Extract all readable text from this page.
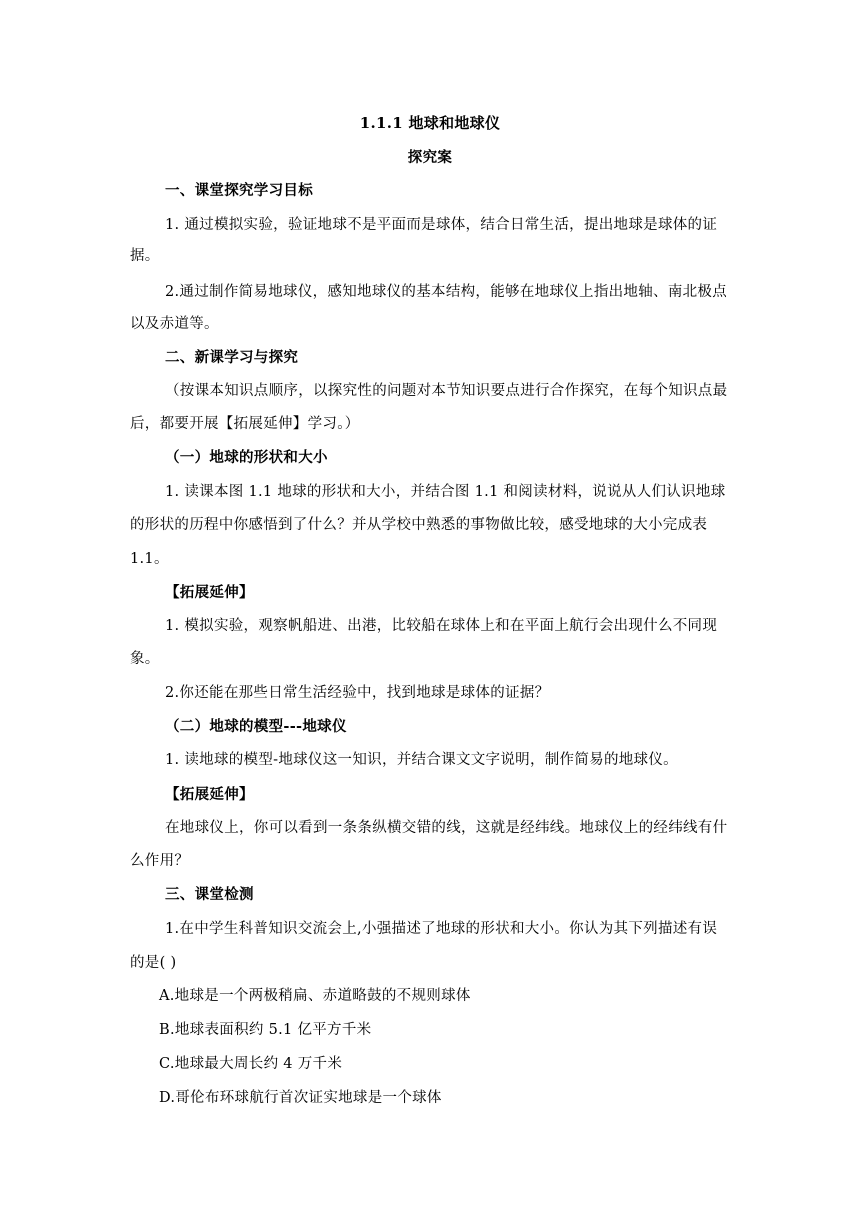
1.1.1 地球和地球仪
探究案
一、课堂探究学习目标
1. 通过模拟实验，验证地球不是平面而是球体，结合日常生活，提出地球是球体的证
据。
2.通过制作简易地球仪，感知地球仪的基本结构，能够在地球仪上指出地轴、南北极点
以及赤道等。
二、新课学习与探究
（按课本知识点顺序，以探究性的问题对本节知识要点进行合作探究，在每个知识点最
后，都要开展【拓展延伸】学习。）
（一）地球的形状和大小
1. 读课本图 1.1 地球的形状和大小，并结合图 1.1 和阅读材料，说说从人们认识地球
的形状的历程中你感悟到了什么？并从学校中熟悉的事物做比较，感受地球的大小完成表
1.1。
【拓展延伸】
1. 模拟实验，观察帆船进、出港，比较船在球体上和在平面上航行会出现什么不同现
象。
2.你还能在那些日常生活经验中，找到地球是球体的证据？
（二）地球的模型---地球仪
1. 读地球的模型-地球仪这一知识，并结合课文文字说明，制作简易的地球仪。
【拓展延伸】
在地球仪上，你可以看到一条条纵横交错的线，这就是经纬线。地球仪上的经纬线有什
么作用？
三、课堂检测
1.在中学生科普知识交流会上,小强描述了地球的形状和大小。你认为其下列描述有误
的是( )
A.地球是一个两极稍扁、赤道略鼓的不规则球体
B.地球表面积约 5.1 亿平方千米
C.地球最大周长约 4 万千米
D.哥伦布环球航行首次证实地球是一个球体
